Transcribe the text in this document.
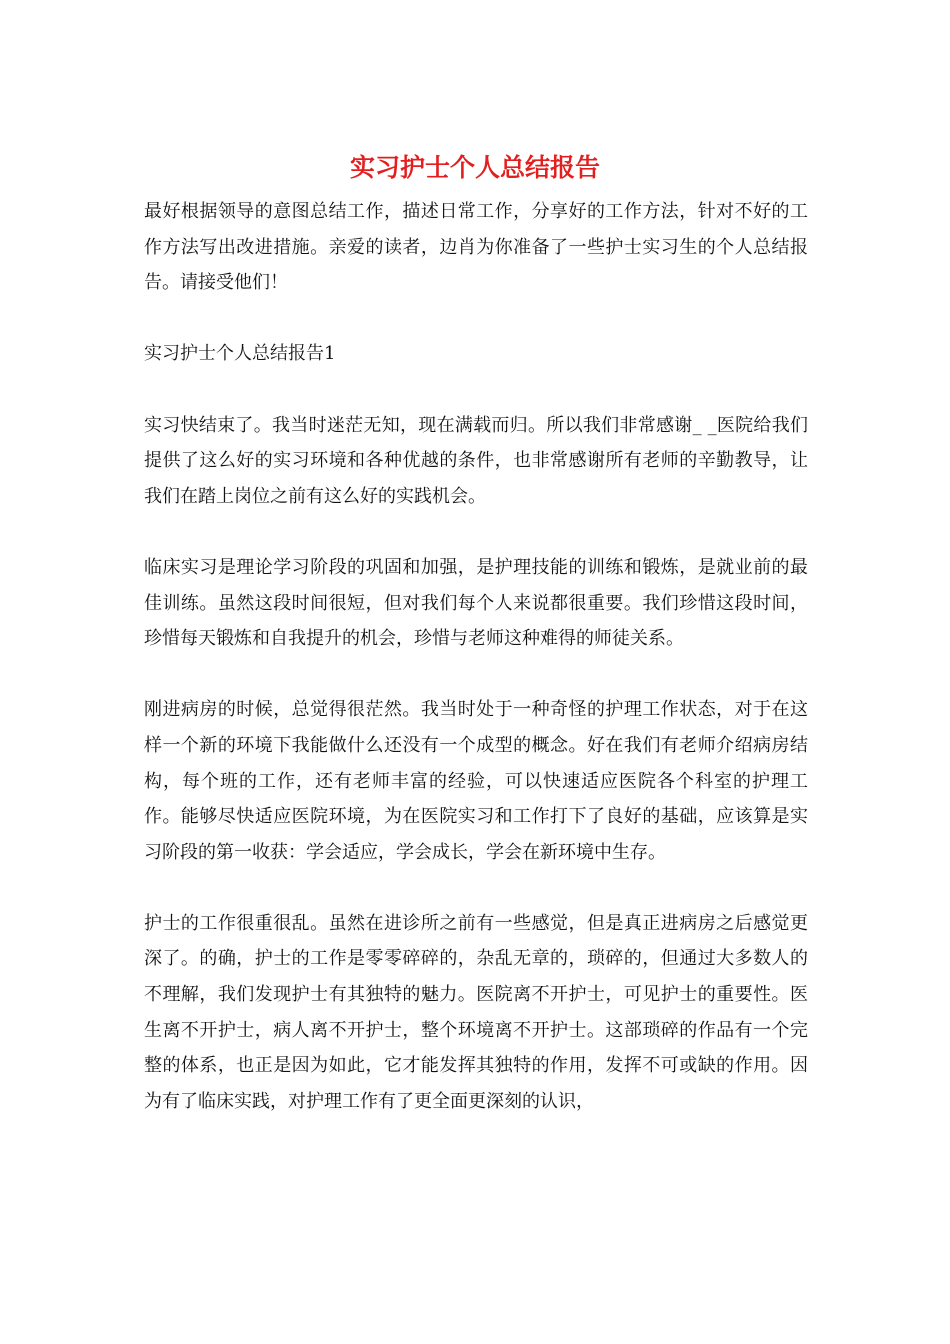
实习护士个人总结报告

最好根据领导的意图总结工作，描述日常工作，分享好的工作方法，针对不好的工作方法写出改进措施。亲爱的读者，边肖为你准备了一些护士实习生的个人总结报告。请接受他们！

实习护士个人总结报告1

实习快结束了。我当时迷茫无知，现在满载而归。所以我们非常感谢_ _医院给我们提供了这么好的实习环境和各种优越的条件，也非常感谢所有老师的辛勤教导，让我们在踏上岗位之前有这么好的实践机会。

临床实习是理论学习阶段的巩固和加强，是护理技能的训练和锻炼，是就业前的最佳训练。虽然这段时间很短，但对我们每个人来说都很重要。我们珍惜这段时间，珍惜每天锻炼和自我提升的机会，珍惜与老师这种难得的师徒关系。

刚进病房的时候，总觉得很茫然。我当时处于一种奇怪的护理工作状态，对于在这样一个新的环境下我能做什么还没有一个成型的概念。好在我们有老师介绍病房结构，每个班的工作，还有老师丰富的经验，可以快速适应医院各个科室的护理工作。能够尽快适应医院环境，为在医院实习和工作打下了良好的基础，应该算是实习阶段的第一收获：学会适应，学会成长，学会在新环境中生存。

护士的工作很重很乱。虽然在进诊所之前有一些感觉，但是真正进病房之后感觉更深了。的确，护士的工作是零零碎碎的，杂乱无章的，琐碎的，但通过大多数人的不理解，我们发现护士有其独特的魅力。医院离不开护士，可见护士的重要性。医生离不开护士，病人离不开护士，整个环境离不开护士。这部琐碎的作品有一个完整的体系，也正是因为如此，它才能发挥其独特的作用，发挥不可或缺的作用。因为有了临床实践，对护理工作有了更全面更深刻的认识，
